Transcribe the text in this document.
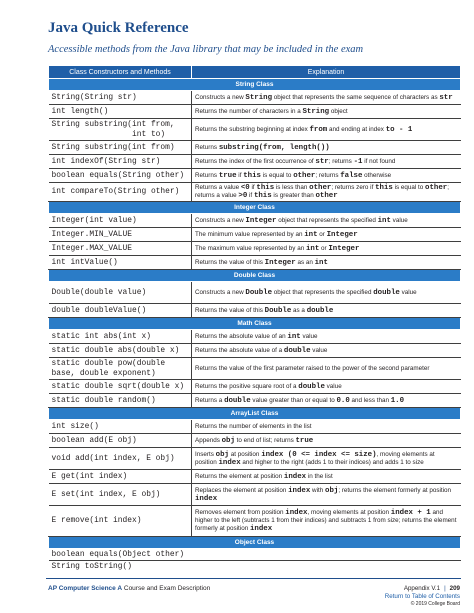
Java Quick Reference

Accessible methods from the Java library that may be included in the exam

Class Constructors and Methods	Explanation
String Class	
String(String str)	Constructs a new String object that represents the same sequence of characters as str
int length()	Returns the number of characters in a String object
String substring(int from,
int to)	Returns the substring beginning at index from and ending at index to - 1
String substring(int from)	Returns substring(from, length())
int indexOf(String str)	Returns the index of the first occurrence of str; returns -1 if not found
boolean equals(String other)	Returns true if this is equal to other; returns false otherwise
int compareTo(String other)	Returns a value <0 if this is less than other; returns zero if this is equal to other; returns a value >0 if this is greater than other
Integer Class	
Integer(int value)	Constructs a new Integer object that represents the specified int value
Integer.MIN_VALUE	The minimum value represented by an int or Integer
Integer.MAX_VALUE	The maximum value represented by an int or Integer
int intValue()	Returns the value of this Integer as an int
Double Class	
Double(double value)	Constructs a new Double object that represents the specified double value
double doubleValue()	Returns the value of this Double as a double
Math Class	
static int abs(int x)	Returns the absolute value of an int value
static double abs(double x)	Returns the absolute value of a double value
static double pow(double
base, double exponent)	Returns the value of the first parameter raised to the power of the second parameter
static double sqrt(double x)	Returns the positive square root of a double value
static double random()	Returns a double value greater than or equal to 0.0 and less than 1.0
ArrayList Class	
int size()	Returns the number of elements in the list
boolean add(E obj)	Appends obj to end of list; returns true
void add(int index, E obj)	Inserts obj at position index (0 <= index <= size), moving elements at position index and higher to the right (adds 1 to their indices) and adds 1 to size
E get(int index)	Returns the element at position index in the list
E set(int index, E obj)	Replaces the element at position index with obj; returns the element formerly at position index
E remove(int index)	Removes element from position index, moving elements at position index + 1 and higher to the left (subtracts 1 from their indices) and subtracts 1 from size; returns the element formerly at position index
Object Class	
boolean equals(Object other)	
String toString()	
AP Computer Science A Course and Exam Description	Appendix V.1 | 209
Return to Table of Contents
© 2019 College Board
